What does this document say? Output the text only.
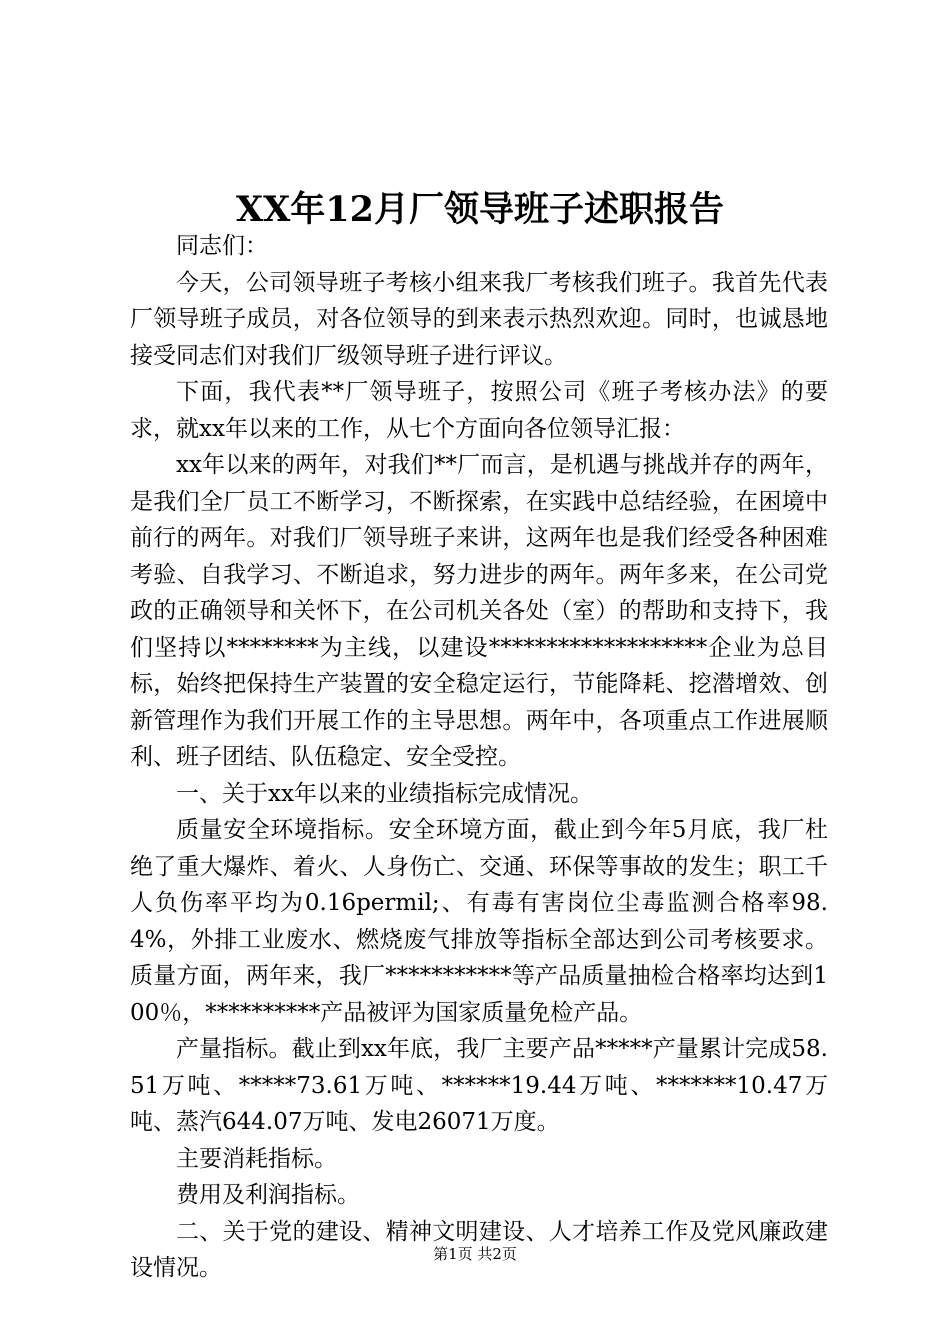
XX年12月厂领导班子述职报告

同志们：

今天，公司领导班子考核小组来我厂考核我们班子。我首先代表厂领导班子成员，对各位领导的到来表示热烈欢迎。同时，也诚恳地接受同志们对我们厂级领导班子进行评议。

下面，我代表**厂领导班子，按照公司《班子考核办法》的要求，就xx年以来的工作，从七个方面向各位领导汇报：

xx年以来的两年，对我们**厂而言，是机遇与挑战并存的两年，是我们全厂员工不断学习，不断探索，在实践中总结经验，在困境中前行的两年。对我们厂领导班子来讲，这两年也是我们经受各种困难考验、自我学习、不断追求，努力进步的两年。两年多来，在公司党政的正确领导和关怀下，在公司机关各处（室）的帮助和支持下，我们坚持以********为主线，以建设*******************企业为总目标，始终把保持生产装置的安全稳定运行，节能降耗、挖潜增效、创新管理作为我们开展工作的主导思想。两年中，各项重点工作进展顺利、班子团结、队伍稳定、安全受控。

一、关于xx年以来的业绩指标完成情况。

质量安全环境指标。安全环境方面，截止到今年5月底，我厂杜绝了重大爆炸、着火、人身伤亡、交通、环保等事故的发生；职工千人负伤率平均为0.16permil;、有毒有害岗位尘毒监测合格率98.4%，外排工业废水、燃烧废气排放等指标全部达到公司考核要求。质量方面，两年来，我厂***********等产品质量抽检合格率均达到100％，**********产品被评为国家质量免检产品。

产量指标。截止到xx年底，我厂主要产品*****产量累计完成58.51万吨、*****73.61万吨、******19.44万吨、*******10.47万吨、蒸汽644.07万吨、发电26071万度。

主要消耗指标。

费用及利润指标。

二、关于党的建设、精神文明建设、人才培养工作及党风廉政建设情况。

第1页 共2页
